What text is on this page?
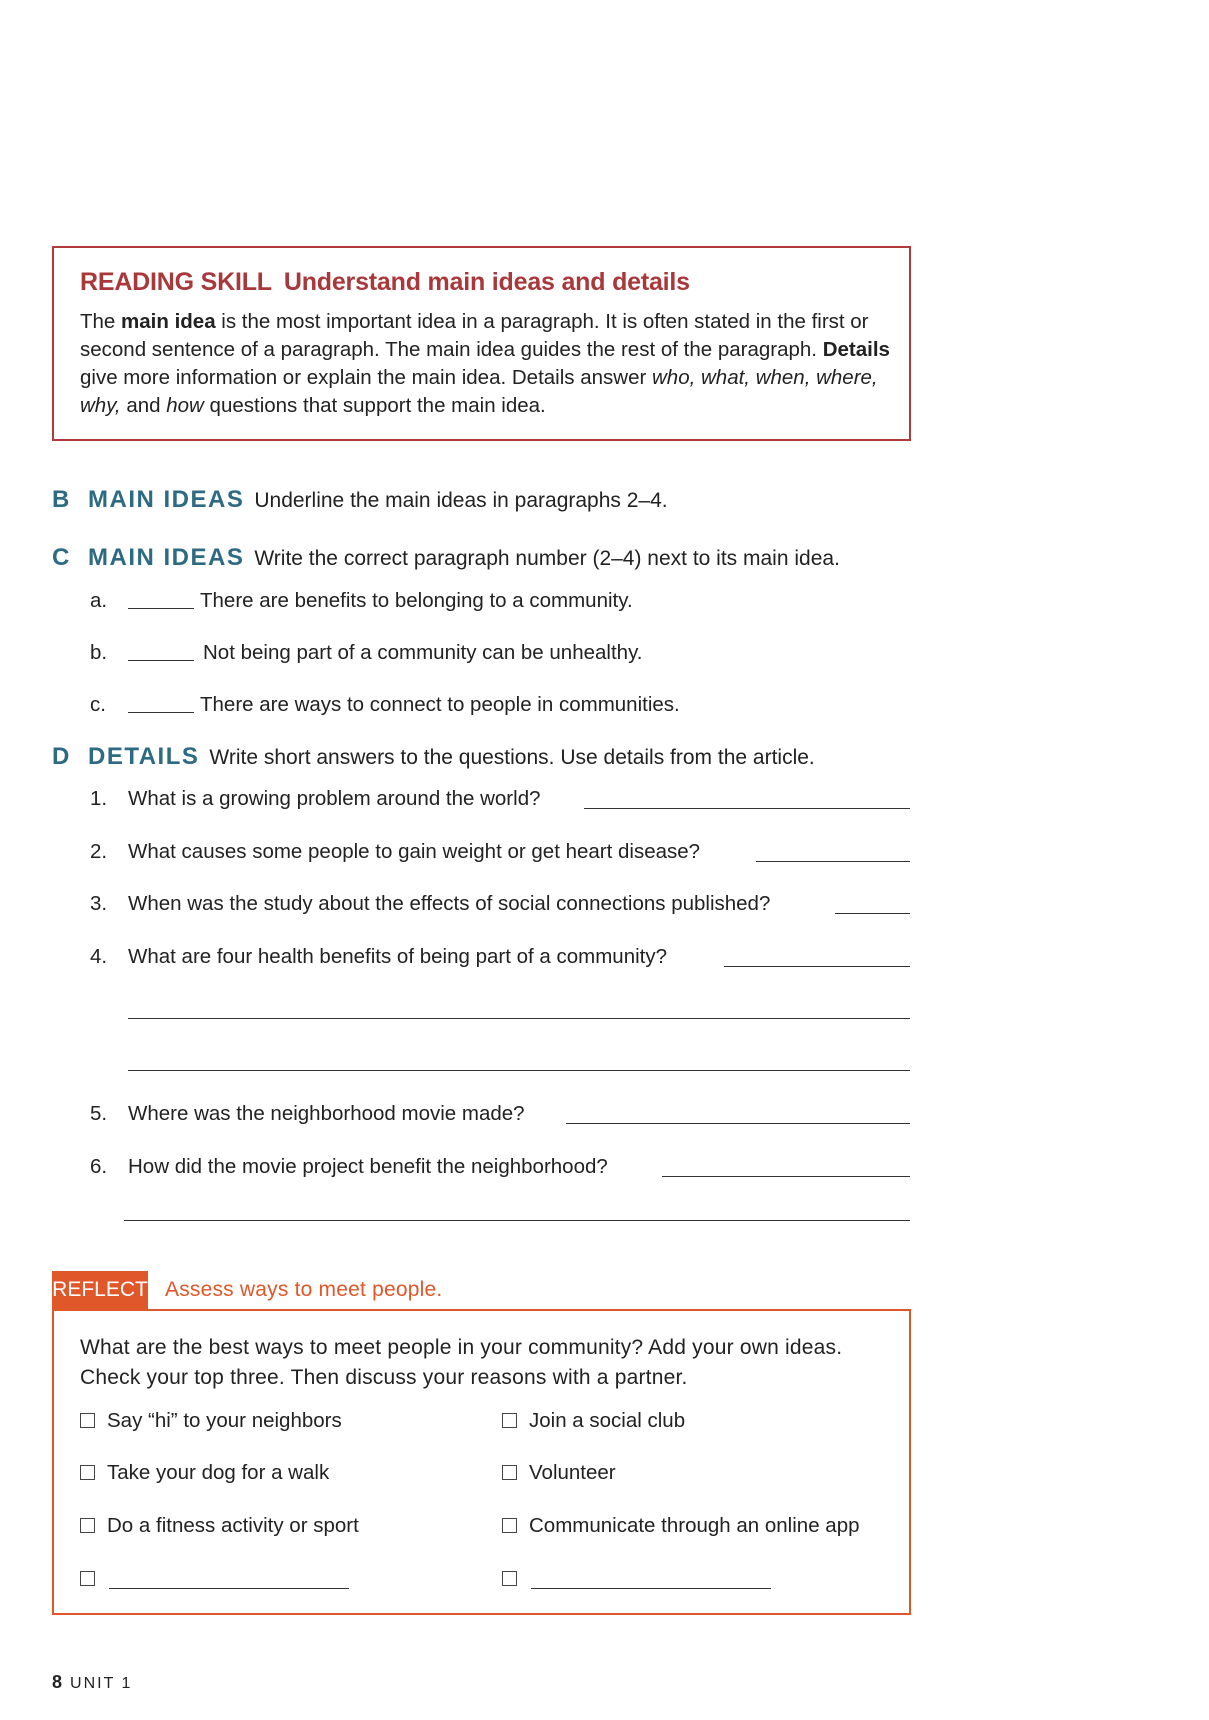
READING SKILL Understand main ideas and details
The main idea is the most important idea in a paragraph. It is often stated in the first or second sentence of a paragraph. The main idea guides the rest of the paragraph. Details give more information or explain the main idea. Details answer who, what, when, where, why, and how questions that support the main idea.
B MAIN IDEAS Underline the main ideas in paragraphs 2–4.
C MAIN IDEAS Write the correct paragraph number (2–4) next to its main idea.
a.	There are benefits to belonging to a community.
b.	Not being part of a community can be unhealthy.
c.	There are ways to connect to people in communities.
D DETAILS Write short answers to the questions. Use details from the article.
1. What is a growing problem around the world?
2. What causes some people to gain weight or get heart disease?
3. When was the study about the effects of social connections published?
4. What are four health benefits of being part of a community?
5. Where was the neighborhood movie made?
6. How did the movie project benefit the neighborhood?
REFLECT Assess ways to meet people.
What are the best ways to meet people in your community? Add your own ideas. Check your top three. Then discuss your reasons with a partner.
Say “hi” to your neighbors
Take your dog for a walk
Do a fitness activity or sport
Join a social club
Volunteer
Communicate through an online app
8 UNIT 1
